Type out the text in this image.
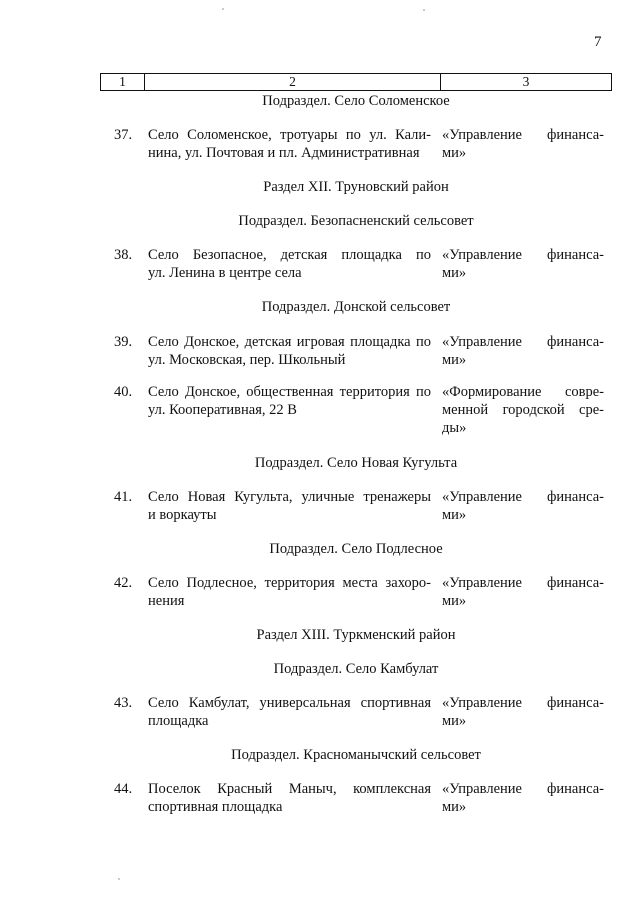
7
1	2	3
Подраздел. Село Соломенское
37. Село Соломенское, тротуары по ул. Кали-
нина, ул. Почтовая и пл. Административная
«Управление финанса-
ми»
Раздел XII. Труновский район
Подраздел. Безопасненский сельсовет
38. Село Безопасное, детская площадка по
ул. Ленина в центре села
«Управление финанса-
ми»
Подраздел. Донской сельсовет
39. Село Донское, детская игровая площадка по
ул. Московская, пер. Школьный
«Управление финанса-
ми»
40. Село Донское, общественная территория по
ул. Кооперативная, 22 В
«Формирование совре-
менной городской сре-
ды»
Подраздел. Село Новая Кугульта
41. Село Новая Кугульта, уличные тренажеры
и воркауты
«Управление финанса-
ми»
Подраздел. Село Подлесное
42. Село Подлесное, территория места захоро-
нения
«Управление финанса-
ми»
Раздел XIII. Туркменский район
Подраздел. Село Камбулат
43. Село Камбулат, универсальная спортивная
площадка
«Управление финанса-
ми»
Подраздел. Красноманычский сельсовет
44. Поселок Красный Маныч, комплексная
спортивная площадка
«Управление финанса-
ми»
